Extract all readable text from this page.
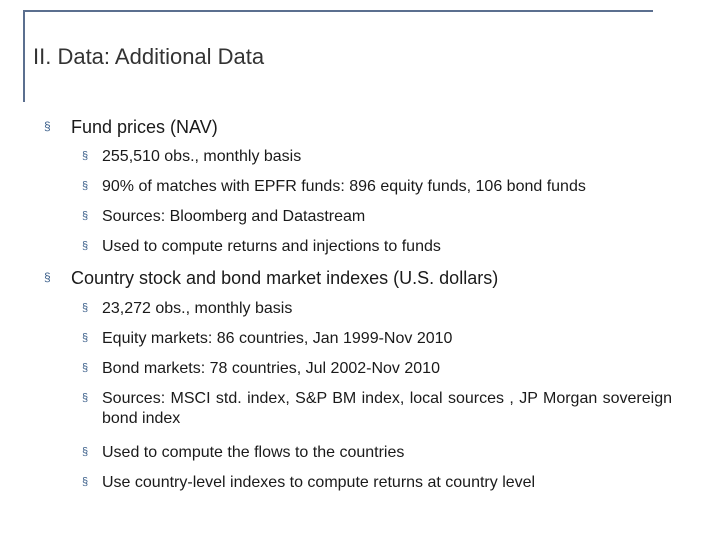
II. Data: Additional Data
§ Fund prices (NAV)
§ 255,510 obs., monthly basis
§ 90% of matches with EPFR funds: 896 equity funds, 106 bond funds
§ Sources: Bloomberg and Datastream
§ Used to compute returns and injections to funds
§ Country stock and bond market indexes (U.S. dollars)
§ 23,272 obs., monthly basis
§ Equity markets: 86 countries, Jan 1999-Nov 2010
§ Bond markets: 78 countries, Jul 2002-Nov 2010
§ Sources: MSCI std. index, S&P BM index, local sources , JP Morgan sovereign bond index
§ Used to compute the flows to the countries
§ Use country-level indexes to compute returns at country level
